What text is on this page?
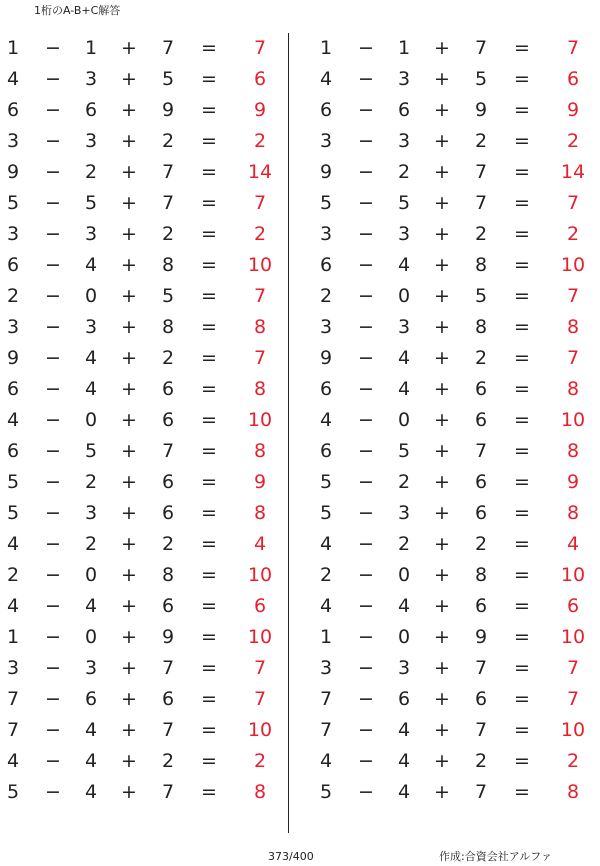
1桁のA-B+C解答
1	−	1	+	7	=	7
4	−	3	+	5	=	6
6	−	6	+	9	=	9
3	−	3	+	2	=	2
9	−	2	+	7	=	14
5	−	5	+	7	=	7
3	−	3	+	2	=	2
6	−	4	+	8	=	10
2	−	0	+	5	=	7
3	−	3	+	8	=	8
9	−	4	+	2	=	7
6	−	4	+	6	=	8
4	−	0	+	6	=	10
6	−	5	+	7	=	8
5	−	2	+	6	=	9
5	−	3	+	6	=	8
4	−	2	+	2	=	4
2	−	0	+	8	=	10
4	−	4	+	6	=	6
1	−	0	+	9	=	10
3	−	3	+	7	=	7
7	−	6	+	6	=	7
7	−	4	+	7	=	10
4	−	4	+	2	=	2
5	−	4	+	7	=	8
1	−	1	+	7	=	7
4	−	3	+	5	=	6
6	−	6	+	9	=	9
3	−	3	+	2	=	2
9	−	2	+	7	=	14
5	−	5	+	7	=	7
3	−	3	+	2	=	2
6	−	4	+	8	=	10
2	−	0	+	5	=	7
3	−	3	+	8	=	8
9	−	4	+	2	=	7
6	−	4	+	6	=	8
4	−	0	+	6	=	10
6	−	5	+	7	=	8
5	−	2	+	6	=	9
5	−	3	+	6	=	8
4	−	2	+	2	=	4
2	−	0	+	8	=	10
4	−	4	+	6	=	6
1	−	0	+	9	=	10
3	−	3	+	7	=	7
7	−	6	+	6	=	7
7	−	4	+	7	=	10
4	−	4	+	2	=	2
5	−	4	+	7	=	8
373/400	作成:合資会社アルファ
